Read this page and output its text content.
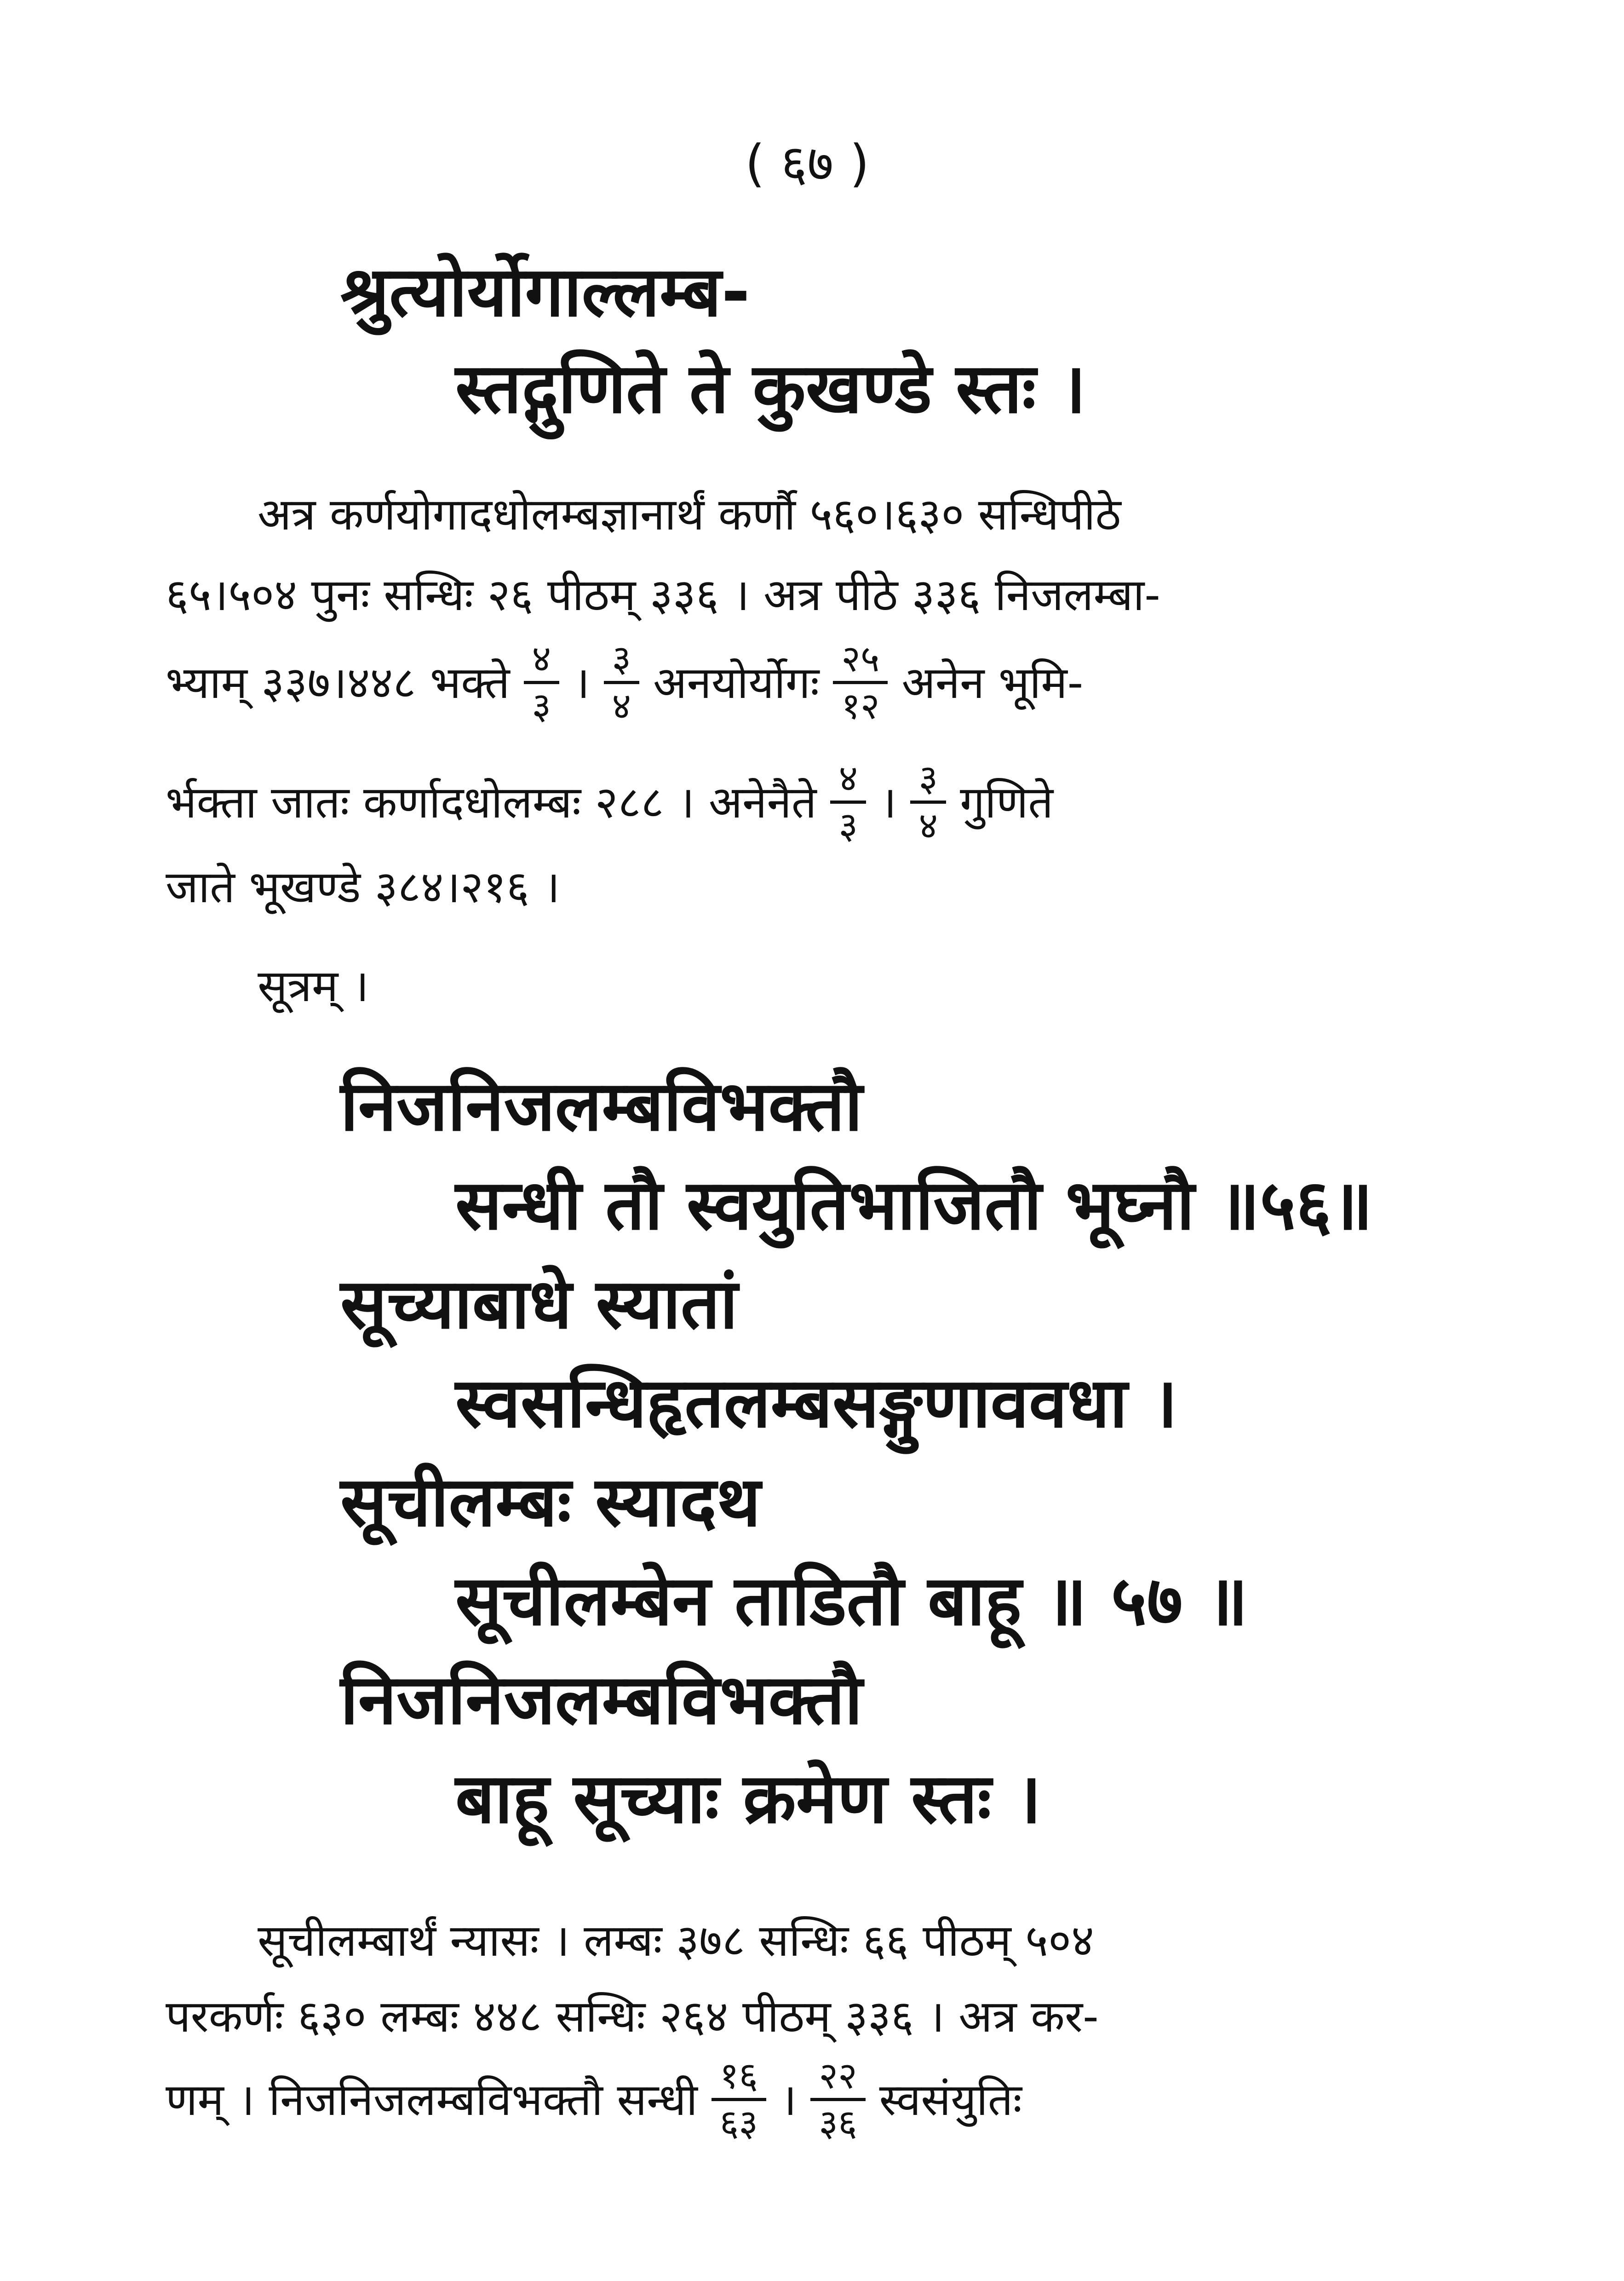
( ६७ )
श्रुत्योर्योगाल्लम्ब-
स्तद्गुणिते ते कुखण्डे स्तः ।
अत्र कर्णयोगादधोलम्बज्ञानार्थं कर्णौ ५६०।६३० सन्धिपीठे
६५।५०४ पुनः सन्धिः २६ पीठम् ३३६ । अत्र पीठे ३३६ निजलम्बा-
भ्याम् ३३७।४४८ भक्ते $\frac{४}{३}$ । $\frac{३}{४}$ अनयोर्योगः $\frac{२५}{१२}$ अनेन भूमि-
र्भक्ता जातः कर्णादधोलम्बः २८८ । अनेनैते $\frac{४}{३}$ । $\frac{३}{४}$ गुणिते
जाते भूखण्डे ३८४।२१६ ।
सूत्रम् ।
निजनिजलम्बविभक्तौ
सन्धी तौ स्वयुतिभाजितौ भूघ्नौ ॥५६॥
सूच्याबाधे स्यातां
स्वसन्धिहृतलम्बसङ्गुणाववधा ।
सूचीलम्बः स्यादथ
सूचीलम्बेन ताडितौ बाहू ॥ ५७ ॥
निजनिजलम्बविभक्तौ
बाहू सूच्याः क्रमेण स्तः ।
सूचीलम्बार्थं न्यासः । लम्बः ३७८ सन्धिः ६६ पीठम् ५०४
परकर्णः ६३० लम्बः ४४८ सन्धिः २६४ पीठम् ३३६ । अत्र कर-
णम् । निजनिजलम्बविभक्तौ सन्धी $\frac{१६}{६३}$ । $\frac{२२}{३६}$ स्वसंयुतिः
